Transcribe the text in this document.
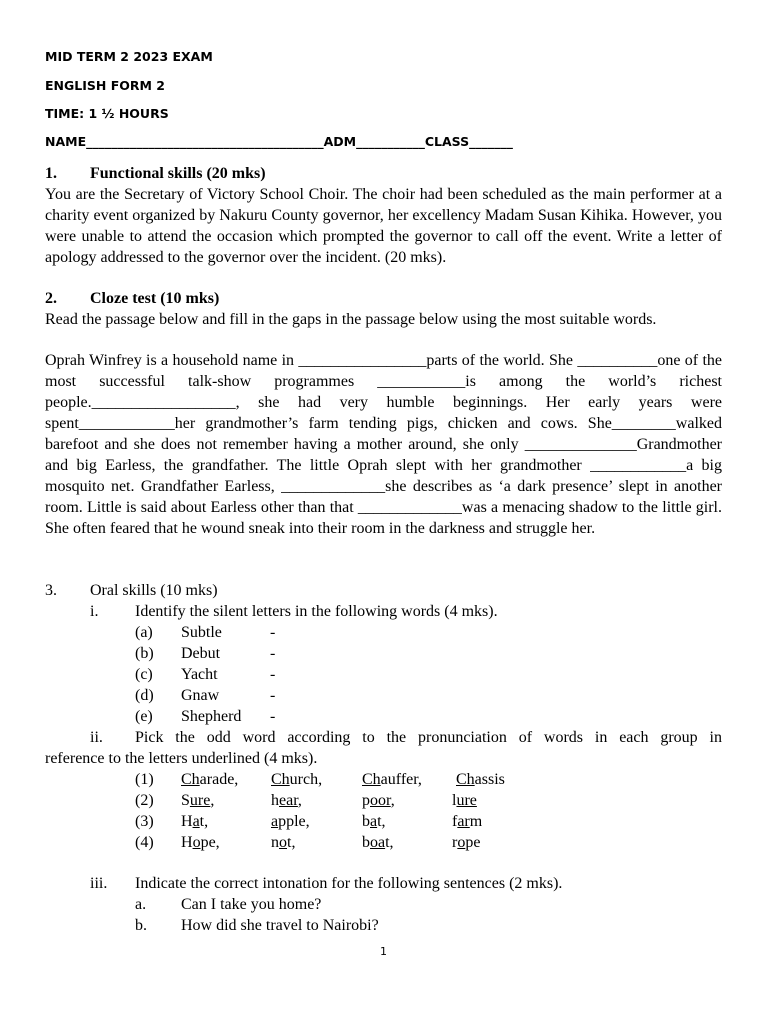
MID TERM 2 2023 EXAM
ENGLISH FORM 2
TIME: 1 ½ HOURS
NAME______________________________________ADM___________CLASS_______
1. Functional skills (20 mks)
You are the Secretary of Victory School Choir. The choir had been scheduled as the main performer at a charity event organized by Nakuru County governor, her excellency Madam Susan Kihika. However, you were unable to attend the occasion which prompted the governor to call off the event. Write a letter of apology addressed to the governor over the incident. (20 mks).
2. Cloze test (10 mks)
Read the passage below and fill in the gaps in the passage below using the most suitable words.
Oprah Winfrey is a household name in ________________parts of the world. She __________one of the most successful talk-show programmes ___________is among the world’s richest people.__________________, she had very humble beginnings. Her early years were spent____________her grandmother’s farm tending pigs, chicken and cows. She________walked barefoot and she does not remember having a mother around, she only ______________Grandmother and big Earless, the grandfather. The little Oprah slept with her grandmother ____________a big mosquito net. Grandfather Earless, _____________she describes as ‘a dark presence’ slept in another room. Little is said about Earless other than that _____________was a menacing shadow to the little girl. She often feared that he wound sneak into their room in the darkness and struggle her.
3. Oral skills (10 mks)
i. Identify the silent letters in the following words (4 mks).
(a) Subtle	-
(b) Debut	-
(c) Yacht	-
(d) Gnaw	-
(e) Shepherd -
ii. Pick the odd word according to the pronunciation of words in each group in
reference to the letters underlined (4 mks).
(1) Charade, Church, Chauffer, Chassis
(2) Sure,	hear,	poor,	lure
(3) Hat,	apple,	bat,	farm
(4) Hope,	not,	boat,	rope
iii. Indicate the correct intonation for the following sentences (2 mks).
a. Can I take you home?
b. How did she travel to Nairobi?
1
